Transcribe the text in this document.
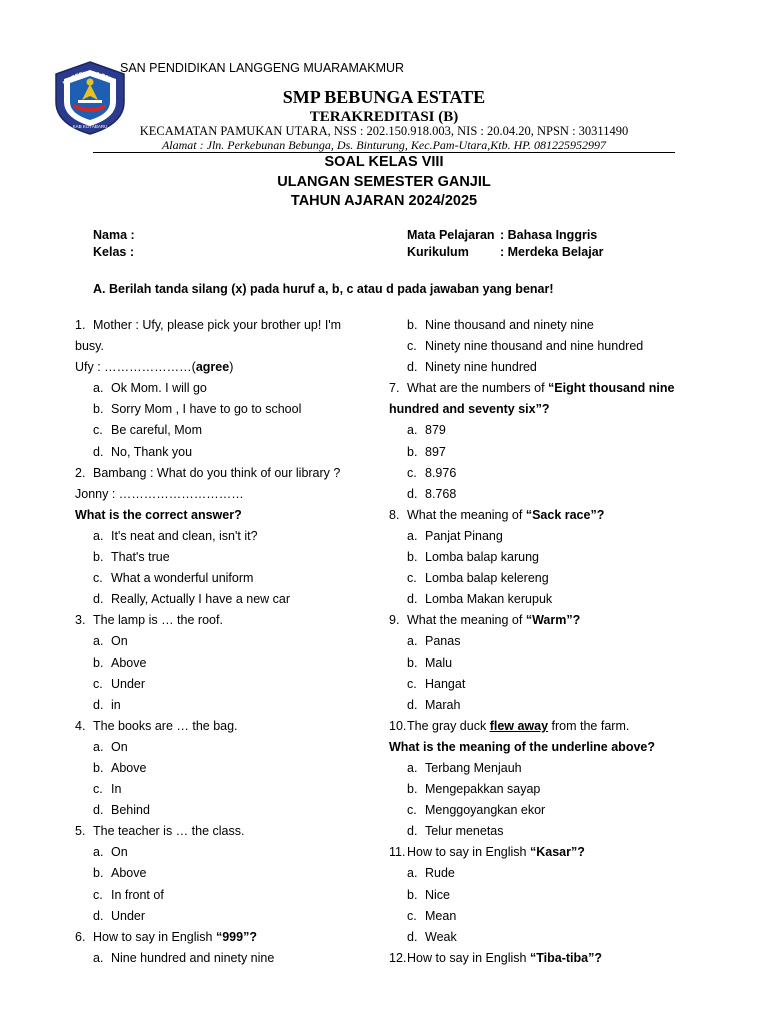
MP BEBUNGA ESTA
KAB KOTABARU
SAN PENDIDIKAN LANGGENG MUARAMAKMUR
SMP BEBUNGA ESTATE
TERAKREDITASI (B)
KECAMATAN PAMUKAN UTARA, NSS : 202.150.918.003, NIS : 20.04.20, NPSN : 30311490
Alamat : Jln. Perkebunan Bebunga, Ds. Binturung, Kec.Pam-Utara,Ktb. HP. 081225952997
SOAL KELAS VIII
ULANGAN SEMESTER GANJIL
TAHUN AJARAN 2024/2025
Nama :
Kelas :
Mata Pelajaran : Bahasa Inggris
Kurikulum : Merdeka Belajar
A. Berilah tanda silang (x) pada huruf a, b, c atau d pada jawaban yang benar!
1. Mother : Ufy, please pick your brother up! I'm
busy.
Ufy : …………………(agree)
a. Ok Mom. I will go
b. Sorry Mom , I have to go to school
c. Be careful, Mom
d. No, Thank you
2. Bambang : What do you think of our library ?
Jonny : …………………………
What is the correct answer?
a. It's neat and clean, isn't it?
b. That's true
c. What a wonderful uniform
d. Really, Actually I have a new car
3. The lamp is … the roof.
a. On
b. Above
c. Under
d. in
4. The books are … the bag.
a. On
b. Above
c. In
d. Behind
5. The teacher is … the class.
a. On
b. Above
c. In front of
d. Under
6. How to say in English “999”?
a. Nine hundred and ninety nine
b. Nine thousand and ninety nine
c. Ninety nine thousand and nine hundred
d. Ninety nine hundred
7. What are the numbers of “Eight thousand nine
hundred and seventy six”?
a. 879
b. 897
c. 8.976
d. 8.768
8. What the meaning of “Sack race”?
a. Panjat Pinang
b. Lomba balap karung
c. Lomba balap kelereng
d. Lomba Makan kerupuk
9. What the meaning of “Warm”?
a. Panas
b. Malu
c. Hangat
d. Marah
10. The gray duck flew away from the farm.
What is the meaning of the underline above?
a. Terbang Menjauh
b. Mengepakkan sayap
c. Menggoyangkan ekor
d. Telur menetas
11. How to say in English “Kasar”?
a. Rude
b. Nice
c. Mean
d. Weak
12. How to say in English “Tiba-tiba”?
